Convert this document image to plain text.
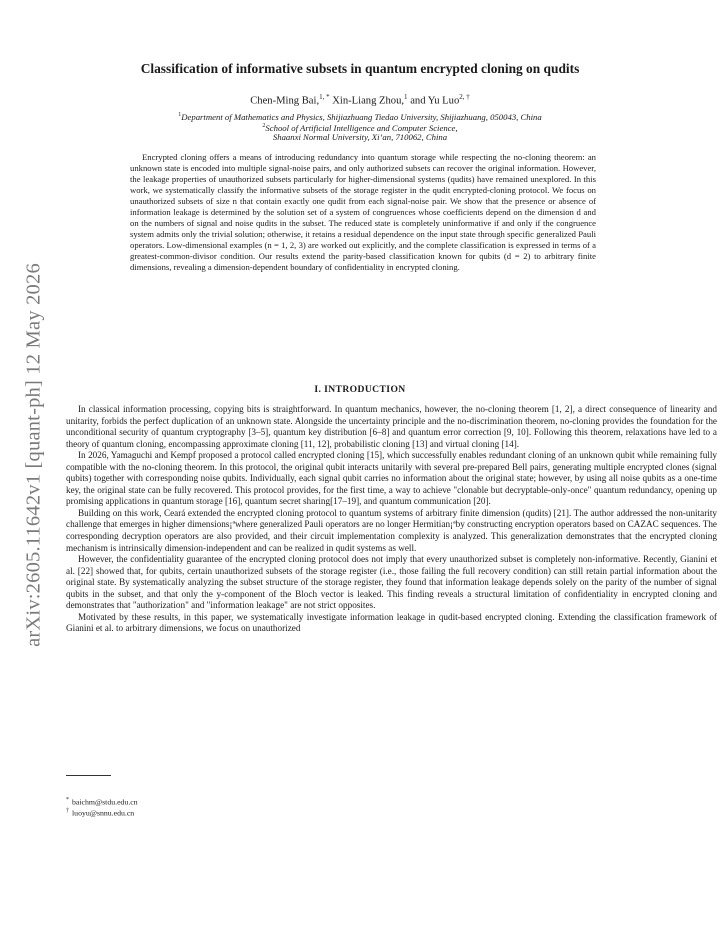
arXiv:2605.11642v1 [quant-ph] 12 May 2026
Classification of informative subsets in quantum encrypted cloning on qudits
Chen-Ming Bai,$^{1, *}$ Xin-Liang Zhou,$^1$ and Yu Luo$^{2, \dagger}$
$^1$Department of Mathematics and Physics, Shijiazhuang Tiedao University, Shijiazhuang, 050043, China
$^2$School of Artificial Intelligence and Computer Science,
Shaanxi Normal University, Xi’an, 710062, China

Encrypted cloning offers a means of introducing redundancy into quantum storage while respecting the no-cloning theorem: an unknown state is encoded into multiple signal-noise pairs, and only authorized subsets can recover the original information. However, the leakage properties of unauthorized subsets particularly for higher-dimensional systems (qudits) have remained unexplored. In this work, we systematically classify the informative subsets of the storage register in the qudit encrypted-cloning protocol. We focus on unauthorized subsets of size n that contain exactly one qudit from each signal-noise pair. We show that the presence or absence of information leakage is determined by the solution set of a system of congruences whose coefficients depend on the dimension d and on the numbers of signal and noise qudits in the subset. The reduced state is completely uninformative if and only if the congruence system admits only the trivial solution; otherwise, it retains a residual dependence on the input state through specific generalized Pauli operators. Low-dimensional examples (n = 1, 2, 3) are worked out explicitly, and the complete classification is expressed in terms of a greatest-common-divisor condition. Our results extend the parity-based classification known for qubits (d = 2) to arbitrary finite dimensions, revealing a dimension-dependent boundary of confidentiality in encrypted cloning.

I. INTRODUCTION

In classical information processing, copying bits is straightforward. In quantum mechanics, however, the no-cloning theorem [1, 2], a direct consequence of linearity and unitarity, forbids the perfect duplication of an unknown state. Alongside the uncertainty principle and the no-discrimination theorem, no-cloning provides the foundation for the unconditional security of quantum cryptography [3–5], quantum key distribution [6–8] and quantum error correction [9, 10]. Following this theorem, relaxations have led to a theory of quantum cloning, encompassing approximate cloning [11, 12], probabilistic cloning [13] and virtual cloning [14].

In 2026, Yamaguchi and Kempf proposed a protocol called encrypted cloning [15], which successfully enables redundant cloning of an unknown qubit while remaining fully compatible with the no-cloning theorem. In this protocol, the original qubit interacts unitarily with several pre-prepared Bell pairs, generating multiple encrypted clones (signal qubits) together with corresponding noise qubits. Individually, each signal qubit carries no information about the original state; however, by using all noise qubits as a one-time key, the original state can be fully recovered. This protocol provides, for the first time, a way to achieve "clonable but decryptable-only-once" quantum redundancy, opening up promising applications in quantum storage [16], quantum secret sharing[17–19], and quantum communication [20].

Building on this work, Ceará extended the encrypted cloning protocol to quantum systems of arbitrary finite dimension (qudits) [21]. The author addressed the non-unitarity challenge that emerges in higher dimensions¡ªwhere generalized Pauli operators are no longer Hermitian¡ªby constructing encryption operators based on CAZAC sequences. The corresponding decryption operators are also provided, and their circuit implementation complexity is analyzed. This generalization demonstrates that the encrypted cloning mechanism is intrinsically dimension-independent and can be realized in qudit systems as well.

However, the confidentiality guarantee of the encrypted cloning protocol does not imply that every unauthorized subset is completely non-informative. Recently, Gianini et al. [22] showed that, for qubits, certain unauthorized subsets of the storage register (i.e., those failing the full recovery condition) can still retain partial information about the original state. By systematically analyzing the subset structure of the storage register, they found that information leakage depends solely on the parity of the number of signal qubits in the subset, and that only the y-component of the Bloch vector is leaked. This finding reveals a structural limitation of confidentiality in encrypted cloning and demonstrates that "authorization" and "information leakage" are not strict opposites.

Motivated by these results, in this paper, we systematically investigate information leakage in qudit-based encrypted cloning. Extending the classification framework of Gianini et al. to arbitrary dimensions, we focus on unauthorized

* baichm@stdu.edu.cn
† luoyu@snnu.edu.cn
